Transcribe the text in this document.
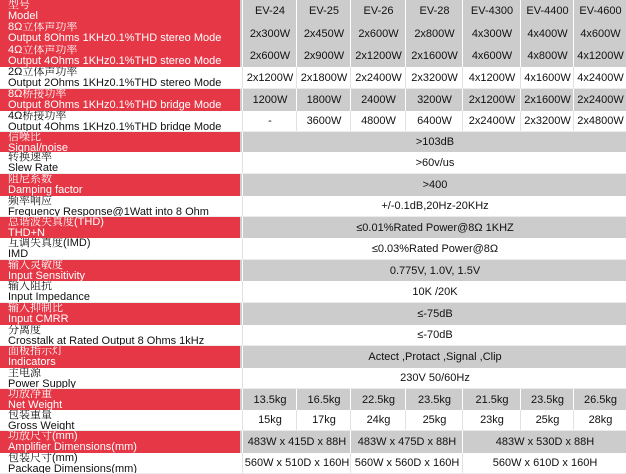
型号
Model	EV-24	EV-25	EV-26	EV-28	EV-4300	EV-4400 EV-4600
8Ω立体声功率
Output 8Ohms 1KHz0.1%THD stereo Mode	2x300W	2x450W	2x600W	2x800W	4x300W	4x400W	4x600W
4Ω立体声功率
Output 4Ohms 1KHz0.1%THD stereo Mode	2x600W	2x900W	2x1200W 2x1600W	4x600W	4x800W 4x1200W
2Ω立体声功率
Output 2Ohms 1KHz0.1%THD stereo Mode	2x1200W 2x1800W 2x2400W 2x3200W	4x1200W 4x1600W 4x2400W
8Ω桥接功率
Output 8Ohms 1KHz0.1%THD bridge Mode	1200W	1800W	2400W	3200W	2x1200W 2x1600W 2x2400W
4Ω桥接功率
Output 4Ohms 1KHz0.1%THD bridge Mode	-	3600W	4800W	6400W	2x2400W 2x3200W 2x4800W
信噪比
Signal/noise	>103dB
转换速率
Slew Rate	>60v/us
阻尼系数
Damping factor	>400
频率响应
Frequency Response@1Watt into 8 Ohm	+/-0.1dB,20Hz-20KHz
总谐波失真度(THD)
THD+N	≤0.01%Rated Power@8Ω 1KHZ
互调失真度(IMD)
IMD	≤0.03%Rated Power@8Ω
输入灵敏度
Input Sensitivity	0.775V, 1.0V, 1.5V
输入阻抗
Input Impedance	10K /20K
输入抑制比
Input CMRR	≤-75dB
分离度
Crosstalk at Rated Output 8 Ohms 1kHz	≤-70dB
面板指示灯
Indicators	Actect ,Protact ,Signal ,Clip
主电源
Power Supply	230V 50/60Hz
功放净重
Net Weight	13.5kg	16.5kg	22.5kg	23.5kg	21.5kg	23.5kg	26.5kg
包装重量
Gross Weight	15kg	17kg	24kg	25kg	23kg	25kg	28kg
功放尺寸(mm)
Amplifier Dimensions(mm)	483W x 415D x 88H	483W x 475D x 88H	483W x 530D x 88H
包装尺寸(mm)
Package Dimensions(mm)	560W x 510D x 160H 560W x 560D x 160H	560W x 610D x 160H
